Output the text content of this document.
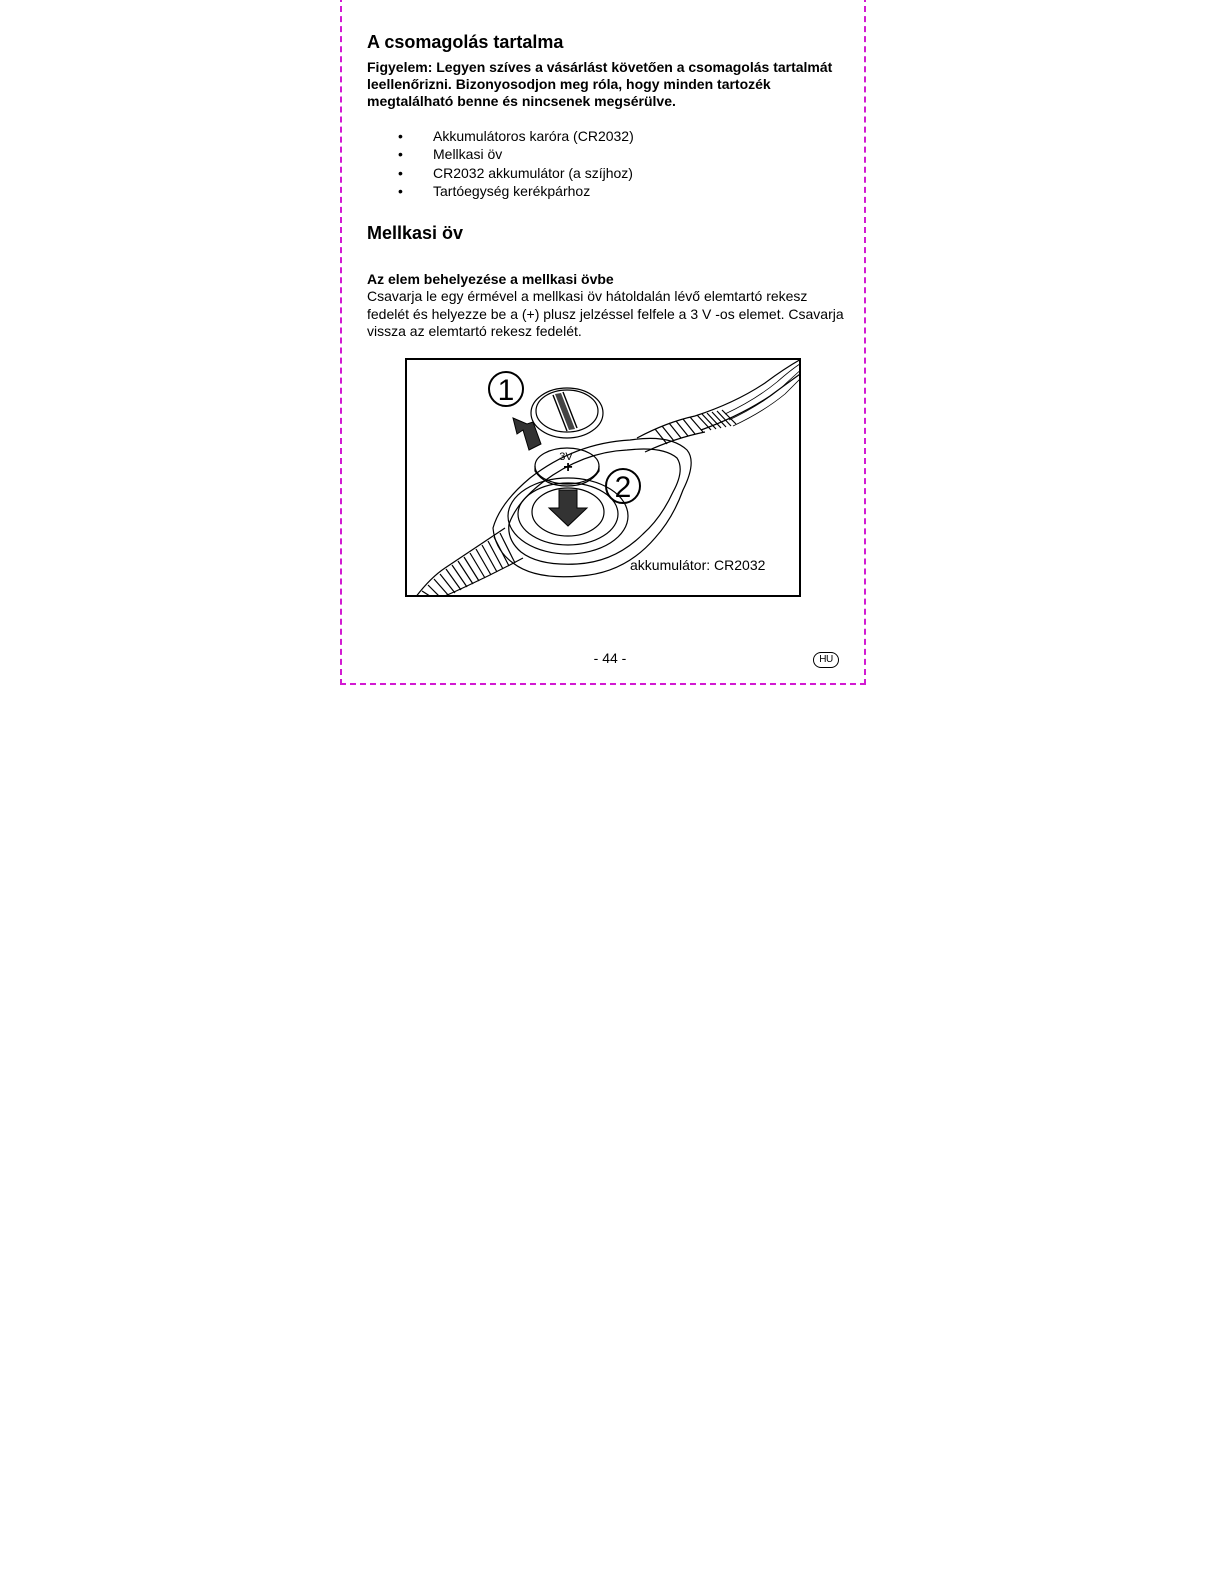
A csomagolás tartalma

Figyelem: Legyen szíves a vásárlást követően a csomagolás tartalmát leellenőrizni. Bizonyosodjon meg róla, hogy minden tartozék megtalálható benne és nincsenek megsérülve.

• Akkumulátoros karóra (CR2032)
• Mellkasi öv
• CR2032 akkumulátor (a szíjhoz)
• Tartóegység kerékpárhoz
Mellkasi öv

Az elem behelyezése a mellkasi övbe

Csavarja le egy érmével a mellkasi öv hátoldalán lévő elemtartó rekesz fedelét és helyezze be a (+) plusz jelzéssel felfele a 3 V -os elemet. Csavarja vissza az elemtartó rekesz fedelét.

1
2
3V
+
akkumulátor: CR2032
- 44 -	HU
